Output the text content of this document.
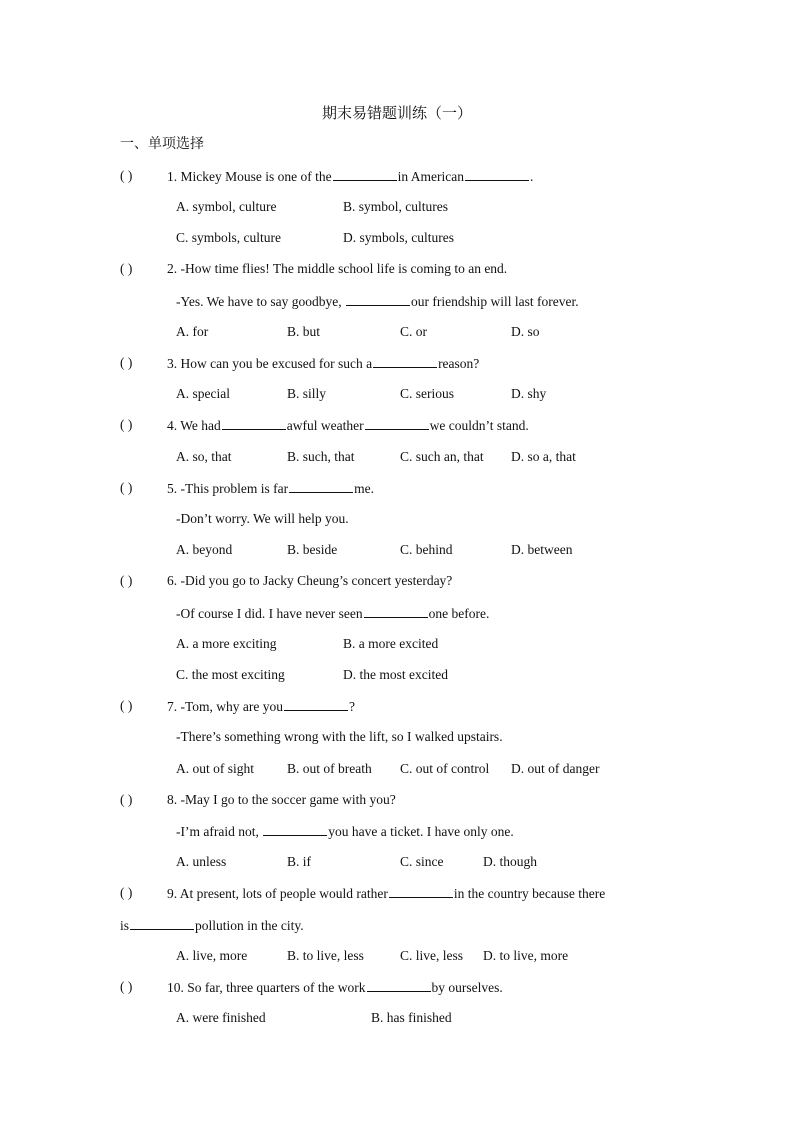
期末易错题训练（一）
一、单项选择
( )	1. Mickey Mouse is one of the	in American	.
A. symbol, culture	B. symbol, cultures
C. symbols, culture	D. symbols, cultures
( )	2. -How time flies! The middle school life is coming to an end.
-Yes. We have to say goodbye,	our friendship will last forever.
A. for	B. but	C. or	D. so
( )	3. How can you be excused for such a	reason?
A. special	B. silly	C. serious	D. shy
( )	4. We had	awful weather	we couldn’t stand.
A. so, that	B. such, that	C. such an, that D. so a, that
( )	5. -This problem is far	me.
-Don’t worry. We will help you.
A. beyond	B. beside	C. behind	D. between
( )	6. -Did you go to Jacky Cheung’s concert yesterday?
-Of course I did. I have never seen	one before.
A. a more exciting	B. a more excited
C. the most exciting	D. the most excited
( )	7. -Tom, why are you	?
-There’s something wrong with the lift, so I walked upstairs.
A. out of sight B. out of breath C. out of control D. out of danger
( )	8. -May I go to the soccer game with you?
-I’m afraid not,	you have a ticket. I have only one.
A. unless	B. if	C. since	D. though
( )	9. At present, lots of people would rather	in the country because there
is	pollution in the city.
A. live, more	B. to live, less	C. live, less D. to live, more
( )	10. So far, three quarters of the work	by ourselves.
A. were finished	B. has finished
